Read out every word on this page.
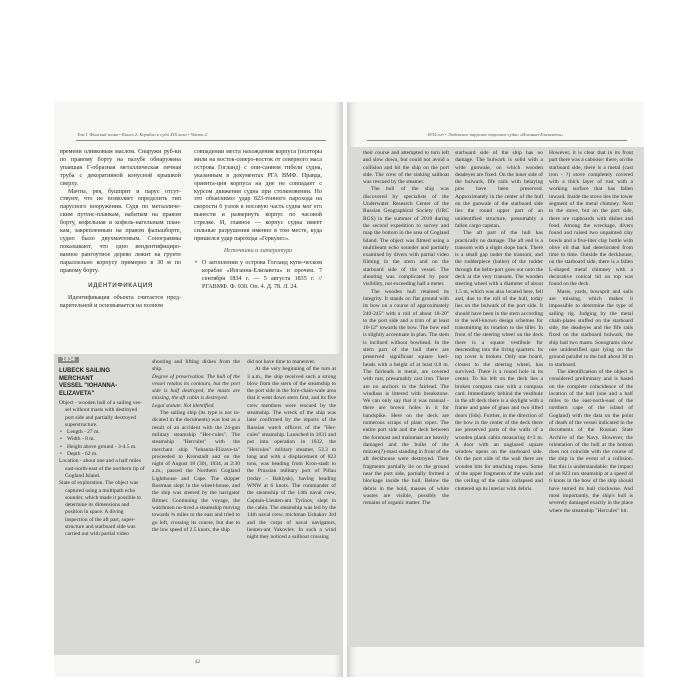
Том I. Финский залив • Книга 2. Корабли и суда XIX века • Часть 2

времени оливковым маслом. Снаружи руб-ки по правому борту на палубе обнаружена упавшая Г-образная металлическая печная труба с декоративной конусной крышкой сверху.

Мачты, рея, бушприт и парус отсут-ствуют, что не позволяет определить тип парусного вооружения. Судя по металличе-ским путенс-планкам, набитым на правом борту, кофельная и кофель-нагельным план-кам, закрепленным на правом фальшборте, судно было двухмачтовым. Сонограммы показывают, что одно вендентифициро-ванное рангоутное дерево лежит на грунте параллельно корпусу примерно в 30 м по правому борту.

ИДЕНТИФИКАЦИЯ

Идентификация объекта считается пред-варительной и основывается на полном

совпадении места нахождения корпуса (полторы мили на восток-северо-восток от северного маса острова Гогланд) с опи-санием гибели судна, указанным в документах РГА ВМФ. Правда, ориента-ция корпуса на дне не совпадает с курсом движения судна при столкновении. Но это объяснимо: удар 823-тонного парохода на скорости 6 узлов в носовую часть судна мог его вынести и развернуть корпус по часовой стрелке. И, главное — корпус судна имеет сильные разрушения именно в том месте, куда пришелся удар парохода «Геркулес».

Источники и литература

• О затоплении у острова Гогланд купе-ческом корабле «Иоганна-Елизавета» и прочем. 7 сентября 1834 г. — 5 августа 1835 г. // РГАВМФ. Ф. 930. Оп. 4. Д. 78. Л. 24.

1834
LUBECK SAILING
MERCHANT
VESSEL "IOHANNA-
ELIZAVETA"

Object - wooden hull of a sailing ves-sel without masts with destroyed port side and partially destroyed superstructure.

• Length - 27 m.

• Width - 8 m.

• Height above ground - 3-4.5 m.

• Depth - 62 m.

Location - about one and a half miles east-north-east of the northern tip of Gogland Island.

State of exploration. The object was captured using a multipath echo sounder, which made it possible to determine its dimensions and position in space. A diving inspection of the aft part, super-structure and starboard side was carried out with partial video

shooting and lifting dishes from the ship.

Degree of preservation. The hull of the vessel retains its contours, but the port side is half destroyed, the masts are missing, the aft cabin is destroyed.

Legal statute. Not identified.

The sailing ship (its type is not in-dicated in the documents) was lost as a result of an accident with the 24-gun military steamship "Her-cules". The steamship "Hercules" with the merchant ship "Iohanna-Elizave-ta" proceeded to Kronstadt and on the night of August 18 (30), 1834, at 2:30 a.m., passed the Northern Gogland Lighthouse and Cape. The skipper Bostman slept in the wheel-house, and the ship was steered by the navigator Bittner. Continuing the voyage, the watchmen no-ticed a steamship moving towards ¾ miles to the east and tried to go left, crossing its course, but due to the low speed of 2.5 knots, the ship

did not have time to maneuver.

At the very beginning of the turn at 3 a.m., the ship received such a strong blow from the stern of the steamship to the port side in the fore-chain-wale area that it went down stern first, and its five crew members were rescued by the steamship. The wreck of the ship was later confirmed by the reports of the Russian watch officers of the "Her-cules" steamship. Launched in 1831 and put into operation in 1832, the "Hercules" military steamer, 53.3 m long and with a displacement of 823 tons, was heading from Kron-stadt to the Prussian military port of Pillau (today - Baltiysk), having heading WNW at 6 knots. The commander of the steamship of the 14th naval crew, Captain-Lieuten-ant Tyrinov, slept in the cabin. The steamship was led by the 14th naval crew, michman Ushakov 3rd and the corps of naval navigators, lieuten-ant Yakovlev. In such a wind night they noticed a sailboat crossing

42
1834 год • Любекское парусное торговое судно «Иоганна-Елизавета»

their course and attempted to turn left and slow down, but could not avoid a collision and hit the ship on the port side. The crew of the sinking sailboat was rescued by the steamer.

The hull of the ship was discovered by specialists of the Underwater Research Center of the Russian Geographical Society (URC RGS) in the summer of 2018 during the second expedition to survey and map the bottom in the area of Gogland Island. The object was filmed using a multibeam echo sounder and partially examined by divers with partial video filming in the stern and on the starboard side of the vessel. The shooting was complicated by poor visibility, not exceeding half a meter.

The wooden hull retained its integrity. It stands on flat ground with its bow on a course of approximately 240-245° with a roll of about 18-20° to the port side and a trim of at least 10-12° towards the bow. The bow end is slightly accentuate in plan. The stem is inclined without bowhead. In the stern part of the hull there are preserved significant square keel-heads with a height of at least 0.8 m. The fairleads is metal, are covered with rust, presumably cast iron. There are no anchors in the fairlead. The windlass is littered with breakstone. We can only say that it was manual - there are brown holes in it for handspike. Here on the deck are numerous scraps of plant ropes. The entire port side and the deck between the foremast and mainmast are heavily damaged and the bulks of the mizzen(?)-mast standing in front of the aft deckhouse were destroyed. Their fragments partially lie on the ground near the port side, partially formed a blockage inside the hull. Below the debris in the hold, masses of white wastes are visible, possibly the remains of organic matter. The

starboard side of the ship has no damage. The bulwark is solid with a wide gunwale, on which wooden deadeyes are fixed. On the inner side of the bulwark, fife rails with belaying pins have been preserved. Approximately in the center of the hull on the gunwale of the starboard side lies the round upper part of an unidentified structure, presumably a fallen cargo capstan.

The aft part of the hull has practically no damage. The aft end is a transom with a slight slope back. There is a small gap under the transom, and the rudderpiece (baller) of the rudder through the helm-port goes out onto the deck at the very transom. The wooden steering wheel with a diameter of about 1.5 m, which was also located here, fell and, due to the roll of the hull, today lies on the bulwark of the port side. It should have been in the stern according to the well-known design schemes for transmitting its rotation to the tiller. In front of the steering wheel on the deck there is a square vestibule for descending into the living quarters. Its top cover is broken. Only one board, closest to the steering wheel, has survived. There is a round hole in its center. To his left on the deck lies a broken compass case with a compass card. Immediately behind the vestibule in the aft deck there is a skylight with a frame and pane of glass and two lifted doors (lids). Further, in the direction of the bow in the center of the deck there are preserved parts of the walls of a wooden plank cabin measuring 4×3 m. A door with an unglazed square window opens on the starboard side. On the port side of the wall there are wooden bits for attaching ropes. Some of the upper fragments of the walls and the ceiling of the cabin collapsed and cluttered up its interior with debris.

However, it is clear that in its front part there was a caboose: there, on the starboard side, there is a metal (cast iron - ?) stove completely covered with a thick layer of rust with a working surface that has fallen inward. Inside the stove lies the lower segment of the metal chimney. Next to the stove, but on the port side, there are cupboards with dishes and food. Among the wreckage, divers found and raised two unpainted clay bowls and a five-liter clay bottle with olive oil that had deteriorated from time to time. Outside the deckhouse, on the starboard side, there is a fallen L-shaped metal chimney with a decorative conical lid on top was found on the deck.

Masts, yards, bowsprit and sails are missing, which makes it impossible to determine the type of sailing rig. Judging by the metal chain-plates stuffed on the starboard side, the deadeyes and the fife rails fixed on the starboard bulwark, the ship had two masts. Sonograms show one unidentified spar lying on the ground parallel to the hull about 30 m to starboard.

The identification of the object is considered preliminary and is based on the complete coincidence of the location of the hull (one and a half miles to the east-north-east of the northern cape of the island of Gogland) with the data on the point of death of the vessel indicated in the documents of the Russian State Archive of the Navy. However, the orientation of the hull at the bottom does not coincide with the course of the ship in the event of a collision. But this is understandable: the impact of an 823 ton steamship at a speed of 6 knots in the bow of the ship should have turned its hull clockwise. And most importantly, the ship's hull is severely damaged exactly in the place where the steamship "Hercules" hit.
